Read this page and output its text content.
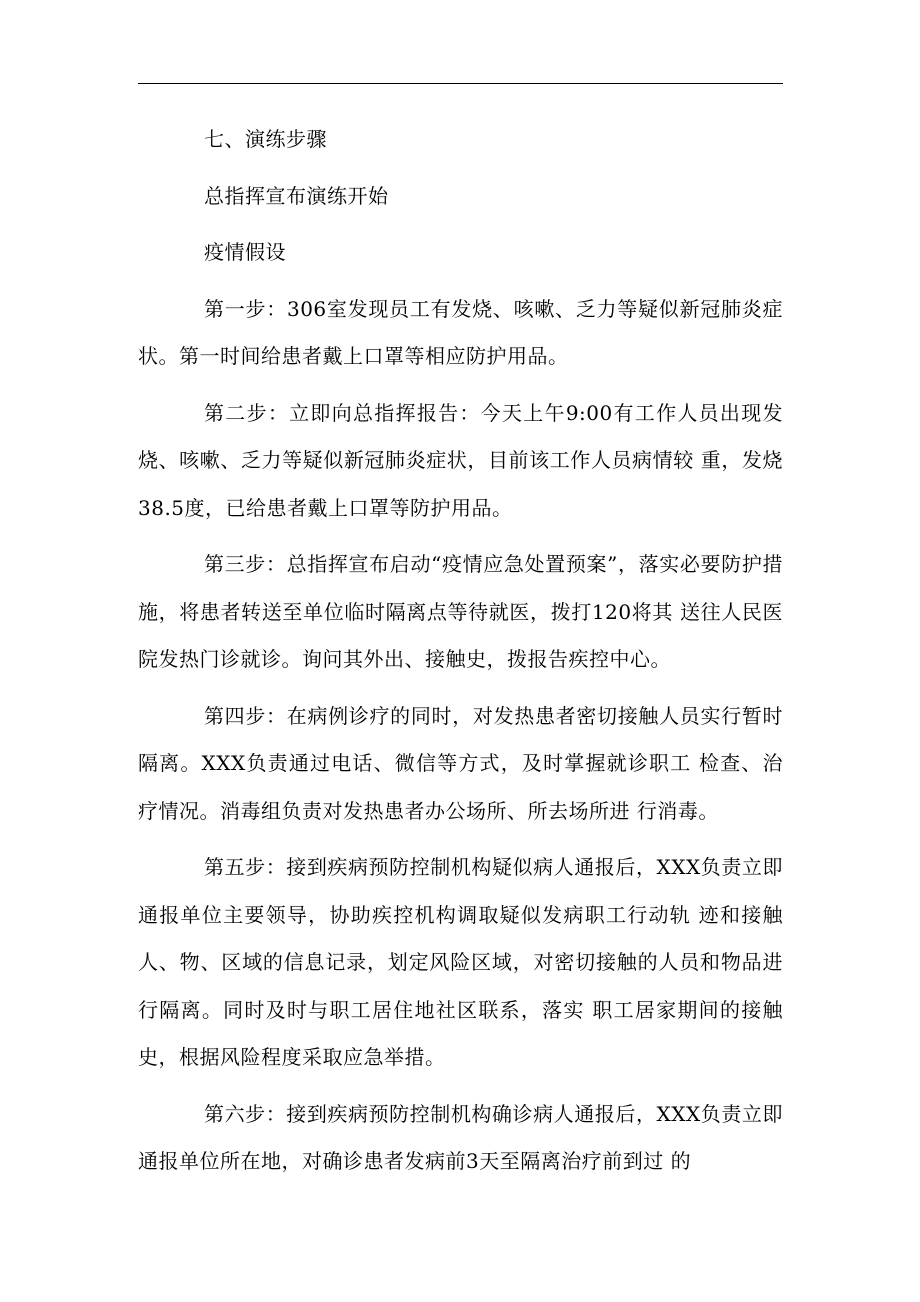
七、演练步骤

总指挥宣布演练开始

疫情假设

第一步：306室发现员工有发烧、咳嗽、乏力等疑似新冠肺炎症状。第一时间给患者戴上口罩等相应防护用品。

第二步：立即向总指挥报告：今天上午9:00有工作人员出现发烧、咳嗽、乏力等疑似新冠肺炎症状，目前该工作人员病情较 重，发烧38.5度，已给患者戴上口罩等防护用品。

第三步：总指挥宣布启动“疫情应急处置预案”，落实必要防护措施，将患者转送至单位临时隔离点等待就医，拨打120将其 送往人民医院发热门诊就诊。询问其外出、接触史，拨报告疾控中心。

第四步：在病例诊疗的同时，对发热患者密切接触人员实行暂时隔离。XXX负责通过电话、微信等方式，及时掌握就诊职工 检查、治疗情况。消毒组负责对发热患者办公场所、所去场所进 行消毒。

第五步：接到疾病预防控制机构疑似病人通报后，XXX负责立即通报单位主要领导，协助疾控机构调取疑似发病职工行动轨 迹和接触人、物、区域的信息记录，划定风险区域，对密切接触的人员和物品进行隔离。同时及时与职工居住地社区联系，落实 职工居家期间的接触史，根据风险程度采取应急举措。

第六步：接到疾病预防控制机构确诊病人通报后，XXX负责立即通报单位所在地，对确诊患者发病前3天至隔离治疗前到过 的
